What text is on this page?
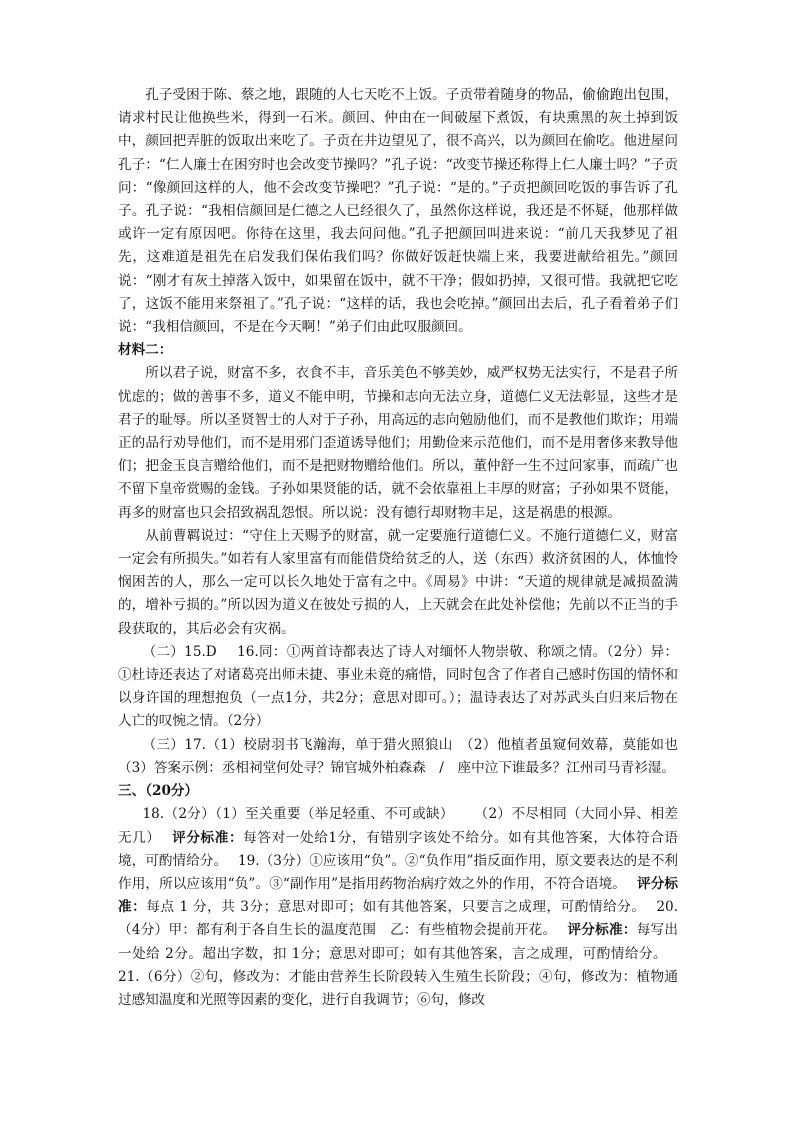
孔子受困于陈、蔡之地，跟随的人七天吃不上饭。子贡带着随身的物品，偷偷跑出包围，请求村民让他换些米，得到一石米。颜回、仲由在一间破屋下煮饭，有块熏黑的灰土掉到饭中，颜回把弄脏的饭取出来吃了。子贡在井边望见了，很不高兴，以为颜回在偷吃。他进屋问孔子：“仁人廉士在困穷时也会改变节操吗？”孔子说：“改变节操还称得上仁人廉士吗？”子贡问：“像颜回这样的人，他不会改变节操吧？”孔子说：“是的。”子贡把颜回吃饭的事告诉了孔子。孔子说：“我相信颜回是仁德之人已经很久了，虽然你这样说，我还是不怀疑，他那样做或许一定有原因吧。你待在这里，我去问问他。”孔子把颜回叫进来说：“前几天我梦见了祖先，这难道是祖先在启发我们保佑我们吗？你做好饭赶快端上来，我要进献给祖先。”颜回说：“刚才有灰土掉落入饭中，如果留在饭中，就不干净；假如扔掉，又很可惜。我就把它吃了，这饭不能用来祭祖了。”孔子说：“这样的话，我也会吃掉。”颜回出去后，孔子看着弟子们说：“我相信颜回，不是在今天啊！”弟子们由此叹服颜回。

材料二：

所以君子说，财富不多，衣食不丰，音乐美色不够美妙，威严权势无法实行，不是君子所忧虑的；做的善事不多，道义不能申明，节操和志向无法立身，道德仁义无法彰显，这些才是君子的耻辱。所以圣贤智士的人对于子孙，用高远的志向勉励他们，而不是教他们欺诈；用端正的品行劝导他们，而不是用邪门歪道诱导他们；用勤俭来示范他们，而不是用奢侈来教导他们；把金玉良言赠给他们，而不是把财物赠给他们。所以，董仲舒一生不过问家事，而疏广也不留下皇帝赏赐的金钱。子孙如果贤能的话，就不会依靠祖上丰厚的财富；子孙如果不贤能，再多的财富也只会招致祸乱怨恨。所以说：没有德行却财物丰足，这是祸患的根源。

从前曹羁说过：“守住上天赐予的财富，就一定要施行道德仁义。不施行道德仁义，财富一定会有所损失。”如若有人家里富有而能借贷给贫乏的人，送（东西）救济贫困的人，体恤怜悯困苦的人，那么一定可以长久地处于富有之中。《周易》中讲：“天道的规律就是减损盈满的，增补亏损的。”所以因为道义在彼处亏损的人，上天就会在此处补偿他；先前以不正当的手段获取的，其后必会有灾祸。

（二）15.D 16.同：①两首诗都表达了诗人对缅怀人物崇敬、称颂之情。（2分）异：①杜诗还表达了对诸葛亮出师未捷、事业未竟的痛惜，同时包含了作者自己感时伤国的情怀和以身许国的理想抱负（一点1分，共2分；意思对即可。）；温诗表达了对苏武头白归来后物在人亡的叹惋之情。（2分）

（三）17.（1）校尉羽书飞瀚海，单于猎火照狼山　（2）他植者虽窥伺效幕，莫能如也　（3）答案示例：丞相祠堂何处寻？锦官城外柏森森　/　座中泣下谁最多？江州司马青衫湿。

三、（20分）

18.（2分）（1）至关重要（举足轻重、不可或缺） （2）不尽相同（大同小异、相差无几） 评分标准：每答对一处给1分，有错别字该处不给分。如有其他答案，大体符合语境，可酌情给分。 19.（3分）①应该用“负”。②“负作用”指反面作用，原文要表达的是不利作用，所以应该用“负”。③“副作用”是指用药物治病疗效之外的作用，不符合语境。 评分标准：每点 1 分，共 3分；意思对即可；如有其他答案，只要言之成理，可酌情给分。 20.（4分）甲：都有利于各自生长的温度范围　乙：有些植物会提前开花。 评分标准：每写出一处给 2分。超出字数，扣 1分；意思对即可；如有其他答案，言之成理，可酌情给分。21.（6分）②句，修改为：才能由营养生长阶段转入生殖生长阶段；④句，修改为：植物通过感知温度和光照等因素的变化，进行自我调节；⑥句，修改
